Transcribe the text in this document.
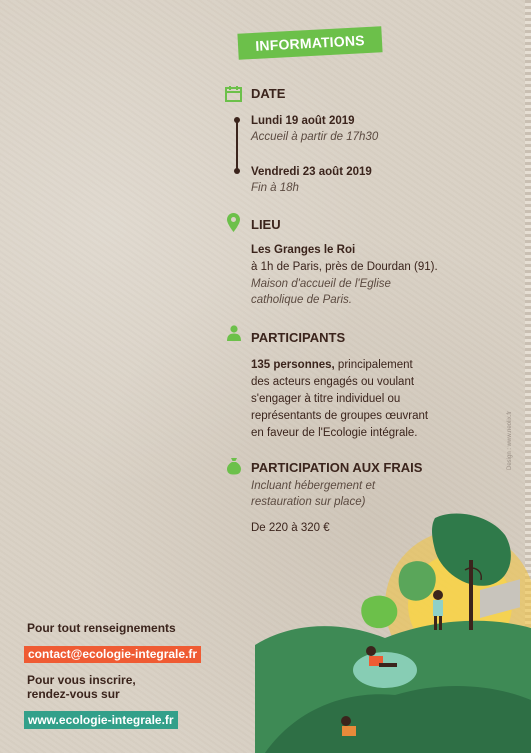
INFORMATIONS
DATE
Lundi 19 août 2019
Accueil à partir de 17h30
Vendredi 23 août 2019
Fin à 18h
LIEU
Les Granges le Roi
à 1h de Paris, près de Dourdan (91).
Maison d'accueil de l'Eglise
catholique de Paris.
PARTICIPANTS
135 personnes, principalement
des acteurs engagés ou voulant
s'engager à titre individuel ou
représentants de groupes œuvrant
en faveur de l'Ecologie intégrale.
PARTICIPATION AUX FRAIS
Incluant hébergement et
restauration sur place)
De 220 à 320 €
Design : www.neolix.fr
Pour tout renseignements
contact@ecologie-integrale.fr
Pour vous inscrire,
rendez-vous sur
www.ecologie-integrale.fr
